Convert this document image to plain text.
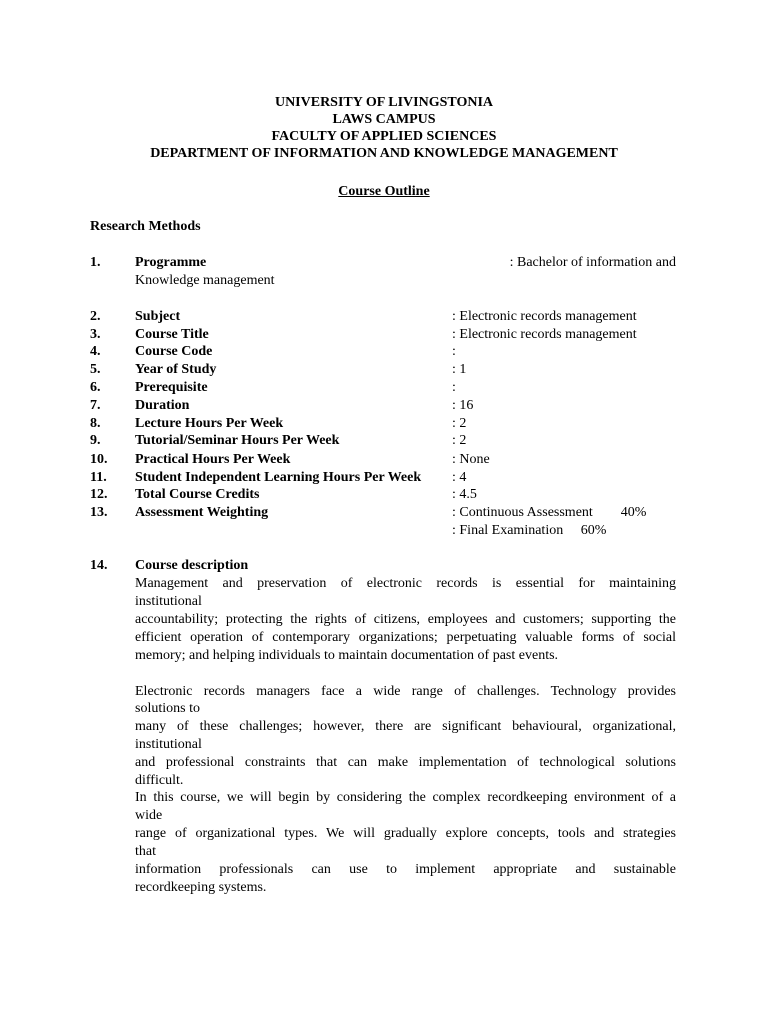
UNIVERSITY OF LIVINGSTONIA
LAWS CAMPUS
FACULTY OF APPLIED SCIENCES
DEPARTMENT OF INFORMATION AND KNOWLEDGE MANAGEMENT
Course Outline
Research Methods
1. Programme	: Bachelor of information and
Knowledge management
2. Subject	: Electronic records management
3. Course Title	: Electronic records management
4. Course Code	:
5. Year of Study	: 1
6. Prerequisite	:
7. Duration	: 16
8. Lecture Hours Per Week	: 2
9. Tutorial/Seminar Hours Per Week	: 2
10. Practical Hours Per Week	: None
11. Student Independent Learning Hours Per Week : 4
12. Total Course Credits	: 4.5
13. Assessment Weighting	: Continuous Assessment        40%
: Final Examination     60%
14. Course description
Management and preservation of electronic records is essential for maintaining
institutional
accountability; protecting the rights of citizens, employees and customers; supporting the
efficient operation of contemporary organizations; perpetuating valuable forms of social
memory; and helping individuals to maintain documentation of past events.
Electronic records managers face a wide range of challenges. Technology provides
solutions to
many of these challenges; however, there are significant behavioural, organizational,
institutional
and professional constraints that can make implementation of technological solutions
difficult.
In this course, we will begin by considering the complex recordkeeping environment of a
wide
range of organizational types. We will gradually explore concepts, tools and strategies
that
information professionals can use to implement appropriate and sustainable
recordkeeping systems.
